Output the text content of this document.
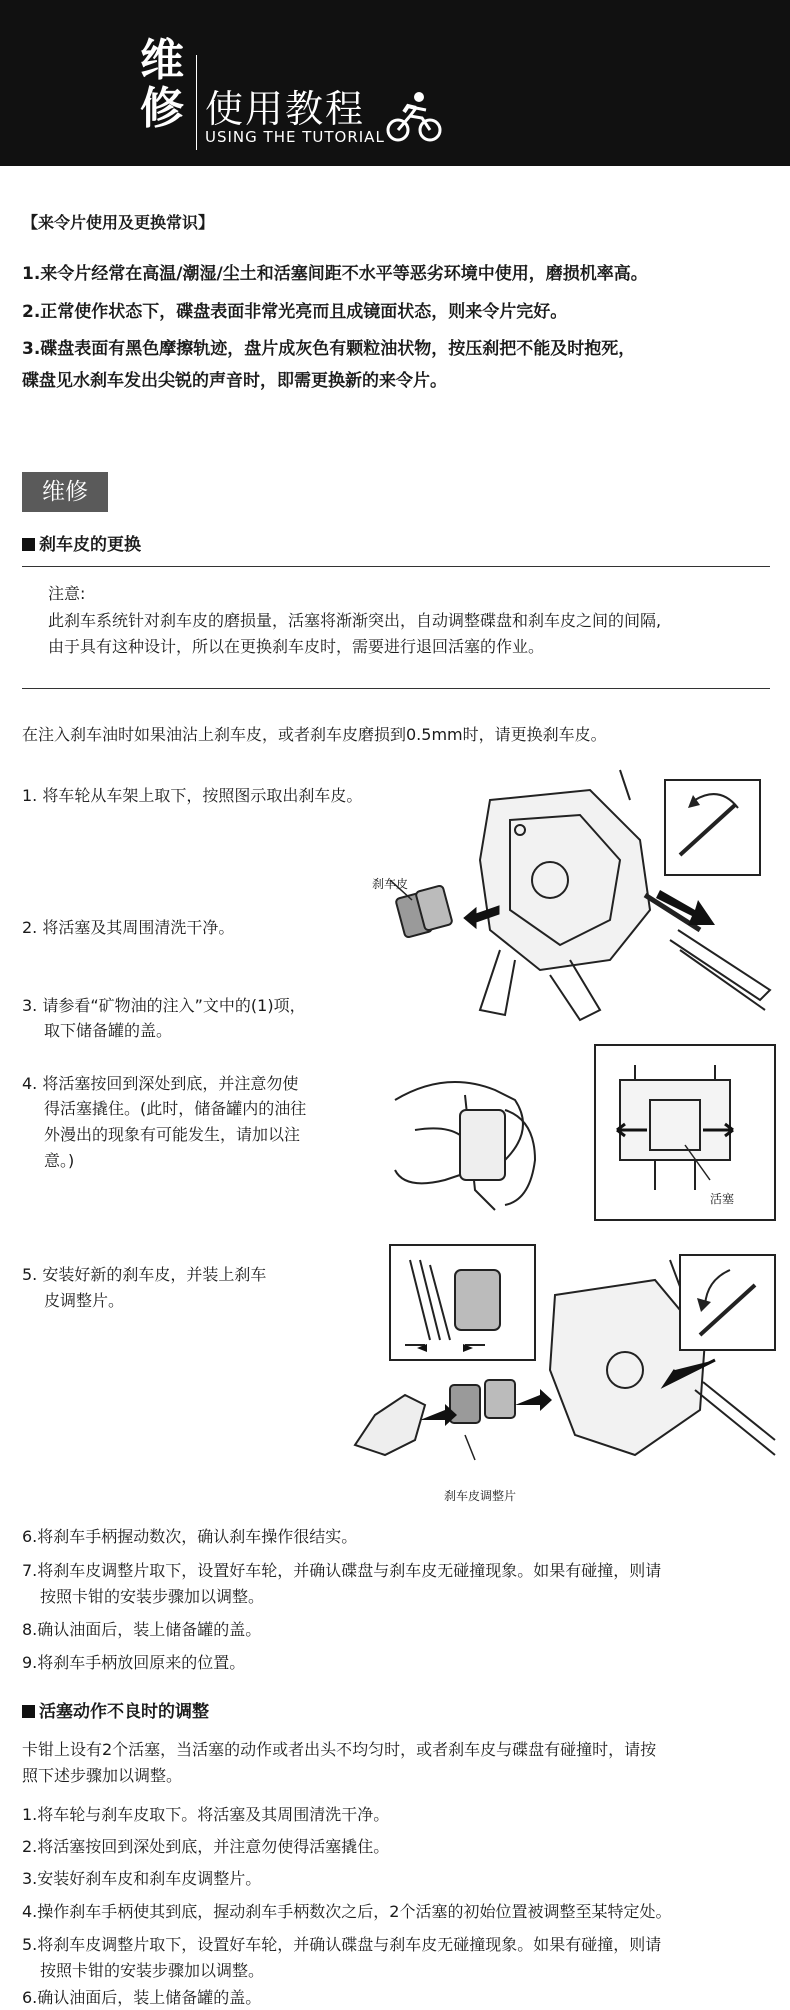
维
修 使用教程
USING THE TUTORIAL
【来令片使用及更换常识】
1.来令片经常在高温/潮湿/尘土和活塞间距不水平等恶劣环境中使用，磨损机率高。
2.正常使作状态下，碟盘表面非常光亮而且成镜面状态，则来令片完好。
3.碟盘表面有黑色摩擦轨迹，盘片成灰色有颗粒油状物，按压刹把不能及时抱死，
碟盘见水刹车发出尖锐的声音时，即需更换新的来令片。
维修
刹车皮的更换
注意:
此刹车系统针对刹车皮的磨损量，活塞将渐渐突出，自动调整碟盘和刹车皮之间的间隔,
由于具有这种设计，所以在更换刹车皮时，需要进行退回活塞的作业。
在注入刹车油时如果油沾上刹车皮，或者刹车皮磨损到0.5mm时，请更换刹车皮。
1. 将车轮从车架上取下，按照图示取出刹车皮。
2. 将活塞及其周围清洗干净。
3. 请参看“矿物油的注入”文中的(1)项，
取下储备罐的盖。
4. 将活塞按回到深处到底，并注意勿使
得活塞撬住。(此时，储备罐内的油往
外漫出的现象有可能发生，请加以注
意。)
5. 安装好新的刹车皮，并装上刹车
皮调整片。
刹车皮
活塞
刹车皮调整片
6.将刹车手柄握动数次，确认刹车操作很结实。
7.将刹车皮调整片取下，设置好车轮，并确认碟盘与刹车皮无碰撞现象。如果有碰撞，则请
按照卡钳的安装步骤加以调整。
8.确认油面后，装上储备罐的盖。
9.将刹车手柄放回原来的位置。
活塞动作不良时的调整
卡钳上设有2个活塞，当活塞的动作或者出头不均匀时，或者刹车皮与碟盘有碰撞时，请按
照下述步骤加以调整。
1.将车轮与刹车皮取下。将活塞及其周围清洗干净。
2.将活塞按回到深处到底，并注意勿使得活塞撬住。
3.安装好刹车皮和刹车皮调整片。
4.操作刹车手柄使其到底，握动刹车手柄数次之后，2个活塞的初始位置被调整至某特定处。
5.将刹车皮调整片取下，设置好车轮，并确认碟盘与刹车皮无碰撞现象。如果有碰撞，则请
按照卡钳的安装步骤加以调整。
6.确认油面后，装上储备罐的盖。
